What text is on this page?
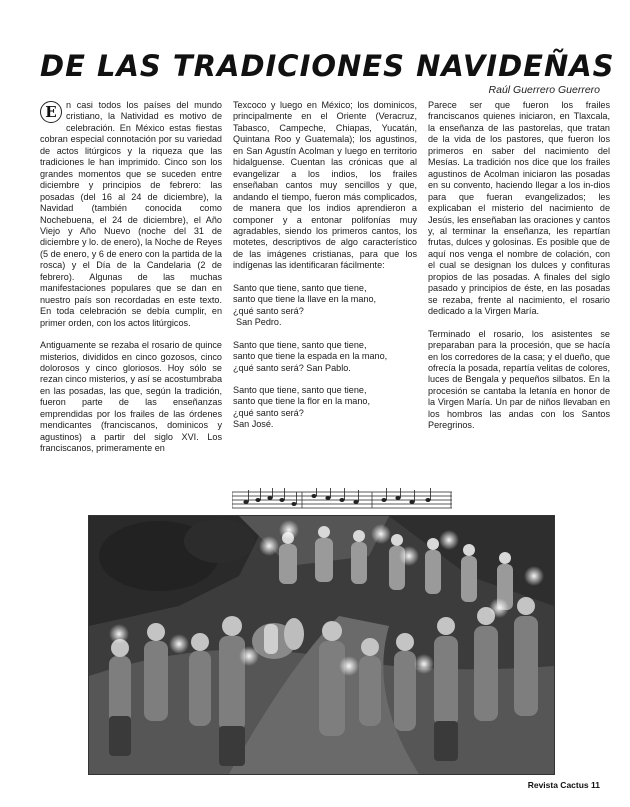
DE LAS TRADICIONES NAVIDEÑAS
Raúl Guerrero Guerrero

E	n casi todos los países del mundo cristiano, la Natividad es motivo de celebración. En México estas fiestas cobran especial connotación por su variedad de actos litúrgicos y la riqueza que las tradiciones le han imprimido. Cinco son los grandes momentos que se suceden entre diciembre y principios de febrero: las posadas (del 16 al 24 de diciembre), la Navidad (también conocida como Nochebuena, el 24 de diciembre), el Año Viejo y Año Nuevo (noche del 31 de diciembre y lo. de enero), la Noche de Reyes (5 de enero, y 6 de enero con la partida de la rosca) y el Día de la Candelaria (2 de febrero). Algunas de las muchas manifestaciones populares que se dan en nuestro país son recordadas en este texto. En toda celebración se debía cumplir, en primer orden, con los actos litúrgicos.

Antiguamente se rezaba el rosario de quince misterios, divididos en cinco gozosos, cinco dolorosos y cinco gloriosos. Hoy sólo se rezan cinco misterios, y así se acostumbraba en las posadas, las que, según la tradición, fueron parte de las enseñanzas emprendidas por los frailes de las órdenes mendicantes (franciscanos, dominicos y agustinos) a partir del siglo XVI. Los franciscanos, primeramente en

Texcoco y luego en México; los dominicos, principalmente en el Oriente (Veracruz, Tabasco, Campeche, Chiapas, Yucatán, Quintana Roo y Guatemala); los agustinos, en San Agustín Acolman y luego en territorio hidalguense. Cuentan las crónicas que al evangelizar a los indios, los frailes enseñaban cantos muy sencillos y que, andando el tiempo, fueron más complicados, de manera que los indios aprendieron a componer y a entonar polifonías muy agradables, siendo los primeros cantos, los motetes, descriptivos de algo característico de las imágenes cristianas, para que los indígenas las identificaran fácilmente:

Santo que tiene, santo que tiene,
santo que tiene la llave en la mano,
¿qué santo será?
San Pedro.
Santo que tiene, santo que tiene,
santo que tiene la espada en la mano,
¿qué santo será? San Pablo.
Santo que tiene, santo que tiene,
santo que tiene la flor en la mano,
¿qué santo será?
San José.

Parece ser que fueron los frailes franciscanos quienes iniciaron, en Tlaxcala, la enseñanza de las pastorelas, que tratan de la vida de los pastores, que fueron los primeros en saber del nacimiento del Mesías. La tradición nos dice que los frailes agustinos de Acolman iniciaron las posadas en su convento, haciendo llegar a los in-dios para que fueran evangelizados; les explicaban el misterio del nacimiento de Jesús, les enseñaban las oraciones y cantos y, al terminar la enseñanza, les repartían frutas, dulces y golosinas. Es posible que de aquí nos venga el nombre de colación, con el cual se designan los dulces y confituras propios de las posadas. A finales del siglo pasado y principios de éste, en las posadas se rezaba, frente al nacimiento, el rosario dedicado a la Virgen María.

Terminado el rosario, los asistentes se preparaban para la procesión, que se hacía en los corredores de la casa; y el dueño, que ofrecía la posada, repartía velitas de colores, luces de Bengala y pequeños silbatos. En la procesión se cantaba la letanía en honor de la Virgen María. Un par de niños llevaban en los hombros las andas con los Santos Peregrinos.

Revista Cactus 11
